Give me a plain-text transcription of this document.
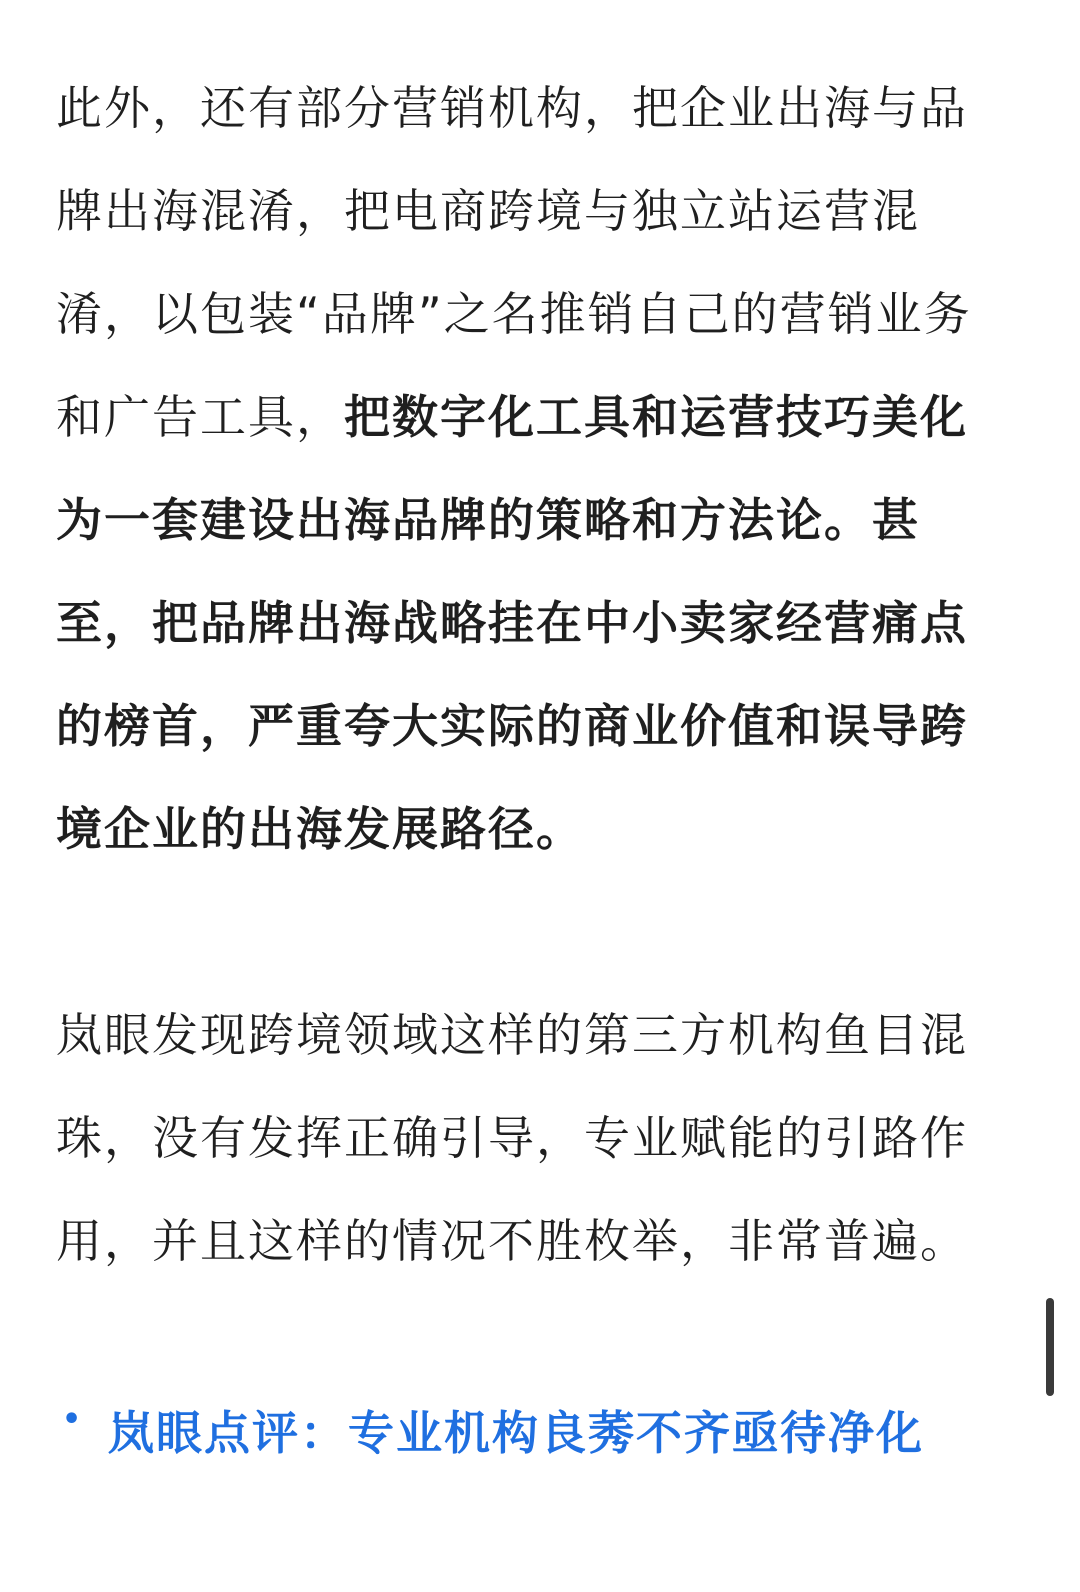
此外，还有部分营销机构，把企业出海与品牌出海混淆，把电商跨境与独立站运营混淆，以包装“品牌”之名推销自己的营销业务和广告工具，把数字化工具和运营技巧美化为一套建设出海品牌的策略和方法论。甚至，把品牌出海战略挂在中小卖家经营痛点的榜首，严重夸大实际的商业价值和误导跨境企业的出海发展路径。

岚眼发现跨境领域这样的第三方机构鱼目混珠，没有发挥正确引导，专业赋能的引路作用，并且这样的情况不胜枚举，非常普遍。

• 岚眼点评：专业机构良莠不齐亟待净化
